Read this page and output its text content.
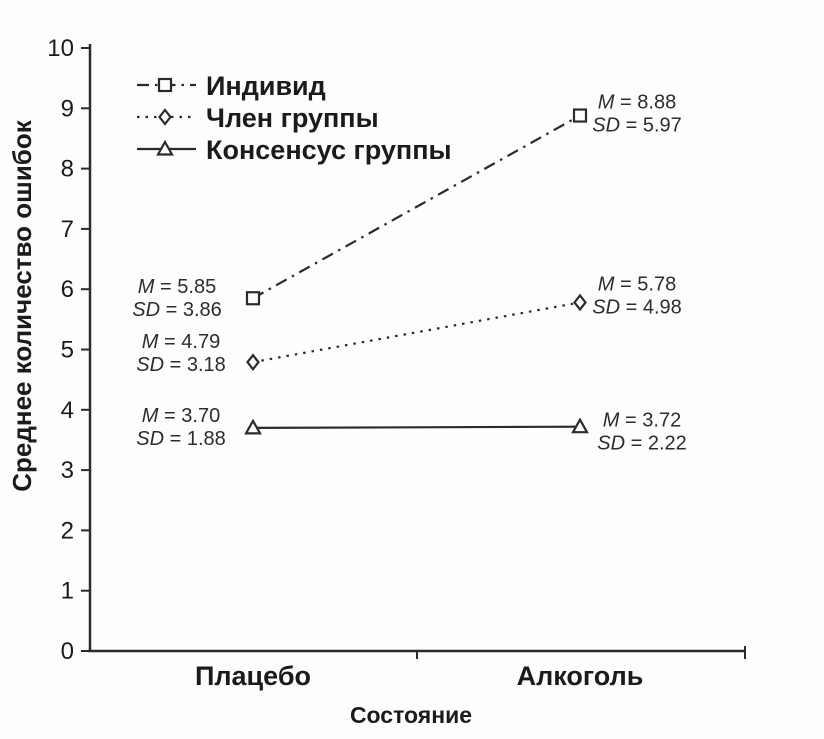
0
1
2
3
4
5
6
7
8
9
10
Плацебо	Алкоголь
Состояние
Среднее количество ошибок	M = 5.85
SD = 3.86
M = 8.88
SD = 5.97
M = 4.79
SD = 3.18
M = 5.78
SD = 4.98
M = 3.70
SD = 1.88
M = 3.72
SD = 2.22
Индивид
Член группы
Консенсус группы
